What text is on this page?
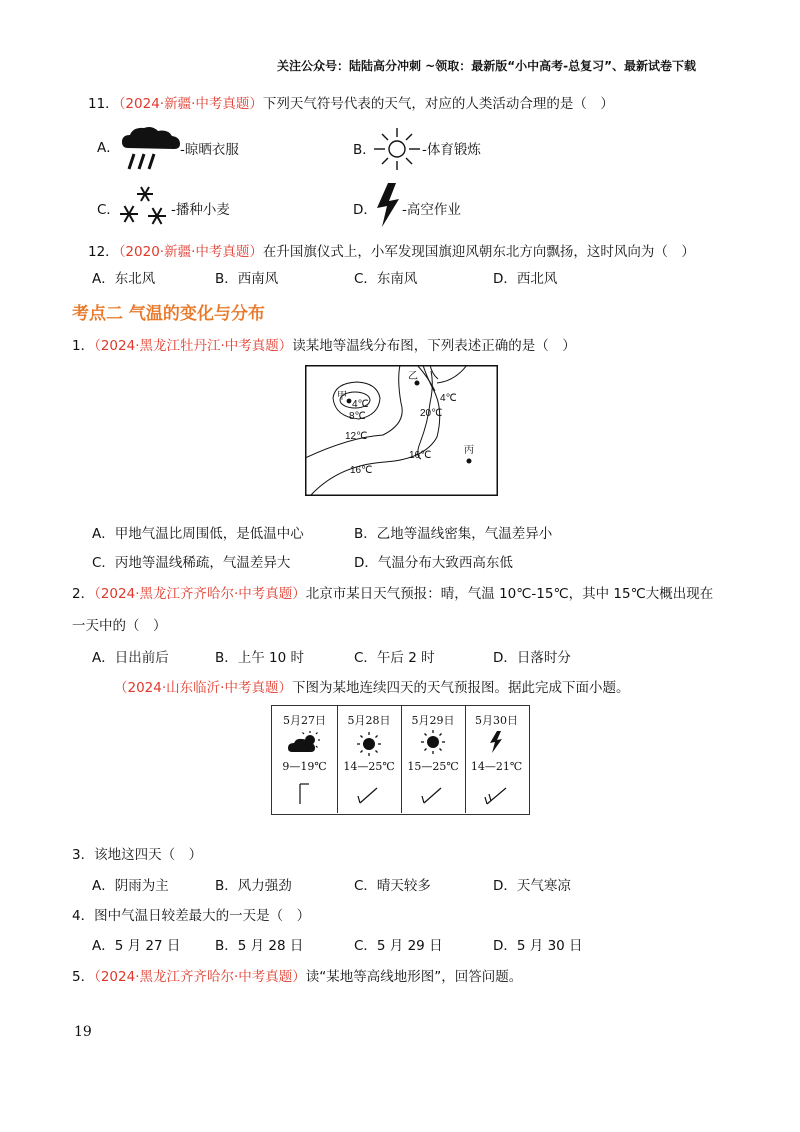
关注公众号：陆陆高分冲刺 ~领取：最新版“小中高考-总复习”、最新试卷下载
11．（2024·新疆·中考真题）下列天气符号代表的天气，对应的人类活动合理的是（　）
A．	-晾晒衣服	B．	-体育锻炼
C．	-播种小麦	D． -高空作业
12．（2020·新疆·中考真题）在升国旗仪式上，小军发现国旗迎风朝东北方向飘扬，这时风向为（　）
A．东北风	B．西南风	C．东南风	D．西北风
考点二 气温的变化与分布
1．（2024·黑龙江牡丹江·中考真题）读某地等温线分布图，下列表述正确的是（　）
甲
4℃
8℃
乙
4℃
20℃
12℃
16℃	丙
16℃
A．甲地气温比周围低，是低温中心	B．乙地等温线密集，气温差异小
C．丙地等温线稀疏，气温差异大	D．气温分布大致西高东低
2．（2024·黑龙江齐齐哈尔·中考真题）北京市某日天气预报：晴，气温 10℃-15℃，其中 15℃大概出现在
一天中的（　）
A．日出前后	B．上午 10 时	C．午后 2 时	D．日落时分
（2024·山东临沂·中考真题）下图为某地连续四天的天气预报图。据此完成下面小题。
5月27日
9—19℃
5月28日
14—25℃
5月29日
15—25℃
5月30日
14—21℃
3．该地这四天（　）
A．阴雨为主	B．风力强劲	C．晴天较多	D．天气寒凉
4．图中气温日较差最大的一天是（　）
A．5 月 27 日	B．5 月 28 日	C．5 月 29 日	D．5 月 30 日
5．（2024·黑龙江齐齐哈尔·中考真题）读“某地等高线地形图”，回答问题。
19
